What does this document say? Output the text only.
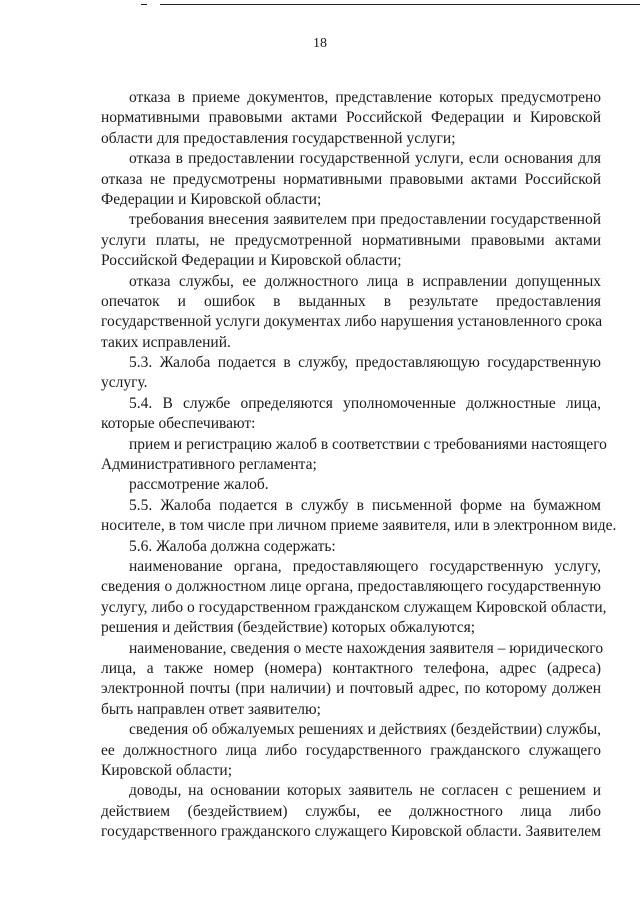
18
отказа в приеме документов, представление которых предусмотрено
нормативными правовыми актами Российской Федерации и Кировской
области для предоставления государственной услуги;
отказа в предоставлении государственной услуги, если основания для
отказа не предусмотрены нормативными правовыми актами Российской
Федерации и Кировской области;
требования внесения заявителем при предоставлении государственной
услуги платы, не предусмотренной нормативными правовыми актами
Российской Федерации и Кировской области;
отказа службы, ее должностного лица в исправлении допущенных
опечаток и ошибок в выданных в результате предоставления
государственной услуги документах либо нарушения установленного срока
таких исправлений.
5.3. Жалоба подается в службу, предоставляющую государственную
услугу.
5.4. В службе определяются уполномоченные должностные лица,
которые обеспечивают:
прием и регистрацию жалоб в соответствии с требованиями настоящего
Административного регламента;
рассмотрение жалоб.
5.5. Жалоба подается в службу в письменной форме на бумажном
носителе, в том числе при личном приеме заявителя, или в электронном виде.
5.6. Жалоба должна содержать:
наименование органа, предоставляющего государственную услугу,
сведения о должностном лице органа, предоставляющего государственную
услугу, либо о государственном гражданском служащем Кировской области,
решения и действия (бездействие) которых обжалуются;
наименование, сведения о месте нахождения заявителя – юридического
лица, а также номер (номера) контактного телефона, адрес (адреса)
электронной почты (при наличии) и почтовый адрес, по которому должен
быть направлен ответ заявителю;
сведения об обжалуемых решениях и действиях (бездействии) службы,
ее должностного лица либо государственного гражданского служащего
Кировской области;
доводы, на основании которых заявитель не согласен с решением и
действием (бездействием) службы, ее должностного лица либо
государственного гражданского служащего Кировской области. Заявителем
